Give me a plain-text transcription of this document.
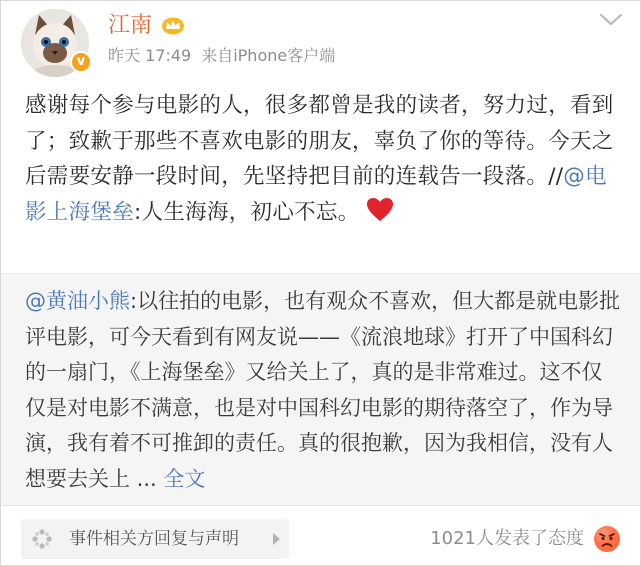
v
江南
昨天 17:49 来自iPhone客户端
感谢每个参与电影的人，很多都曾是我的读者，努力过，看到了；致歉于那些不喜欢电影的朋友，辜负了你的等待。今天之后需要安静一段时间，先坚持把目前的连载告一段落。//@电影上海堡垒:人生海海，初心不忘。
@黄油小熊:以往拍的电影，也有观众不喜欢，但大都是就电影批评电影，可今天看到有网友说——《流浪地球》打开了中国科幻的一扇门，《上海堡垒》又给关上了，真的是非常难过。这不仅仅是对电影不满意，也是对中国科幻电影的期待落空了，作为导演，我有着不可推卸的责任。真的很抱歉，因为我相信，没有人想要去关上 ... 全文
事件相关方回复与声明	1021人发表了态度
